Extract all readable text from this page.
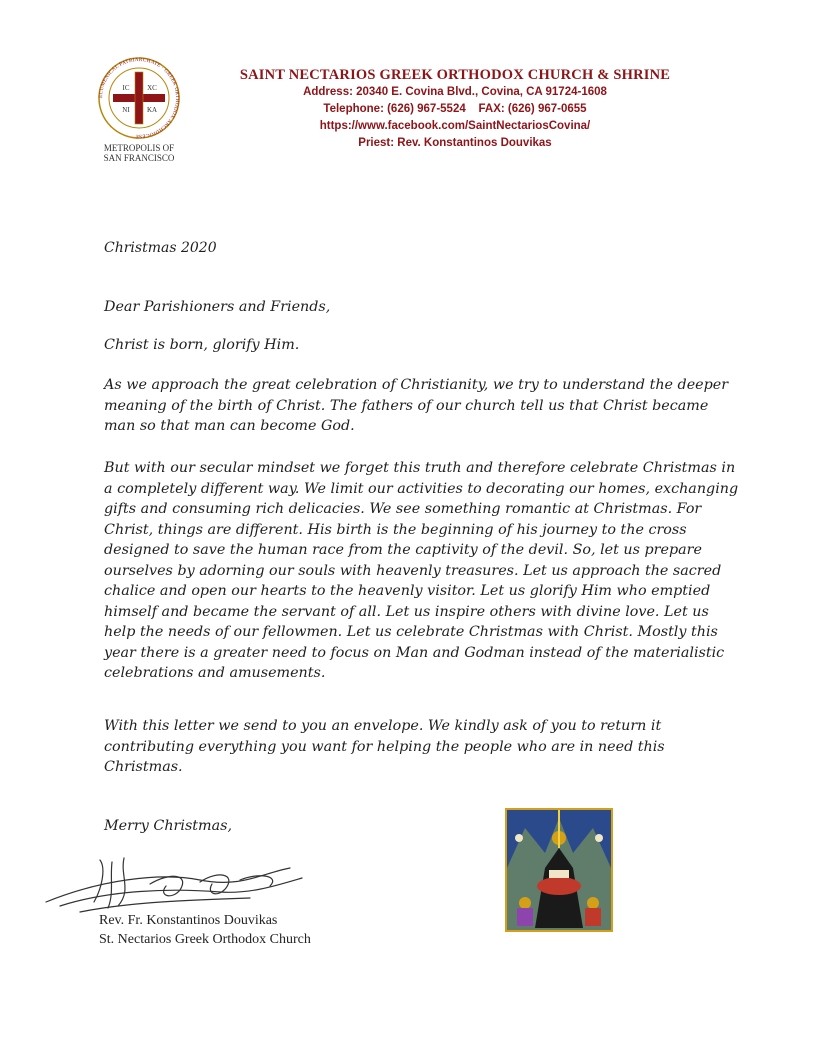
ECUMENICAL PATRIARCHATE · GREEK ORTHODOX ARCHDIOCESE
IC	XC
NI KA
METROPOLIS OF
SAN FRANCISCO
SAINT NECTARIOS GREEK ORTHODOX CHURCH & SHRINE
Address: 20340 E. Covina Blvd., Covina, CA 91724-1608
Telephone: (626) 967-5524    FAX: (626) 967-0655
https://www.facebook.com/SaintNectariosCovina/
Priest: Rev. Konstantinos Douvikas
Christmas 2020
Dear Parishioners and Friends,
Christ is born, glorify Him.

As we approach the great celebration of Christianity, we try to understand the deeper meaning of the birth of Christ. The fathers of our church tell us that Christ became man so that man can become God.

But with our secular mindset we forget this truth and therefore celebrate Christmas in a completely different way. We limit our activities to decorating our homes, exchanging gifts and consuming rich delicacies. We see something romantic at Christmas. For Christ, things are different. His birth is the beginning of his journey to the cross designed to save the human race from the captivity of the devil. So, let us prepare ourselves by adorning our souls with heavenly treasures. Let us approach the sacred chalice and open our hearts to the heavenly visitor. Let us glorify Him who emptied himself and became the servant of all. Let us inspire others with divine love. Let us help the needs of our fellowmen. Let us celebrate Christmas with Christ. Mostly this year there is a greater need to focus on Man and Godman instead of the materialistic celebrations and amusements.

With this letter we send to you an envelope. We kindly ask of you to return it contributing everything you want for helping the people who are in need this Christmas.

Merry Christmas,
Rev. Fr. Konstantinos Douvikas
St. Nectarios Greek Orthodox Church
